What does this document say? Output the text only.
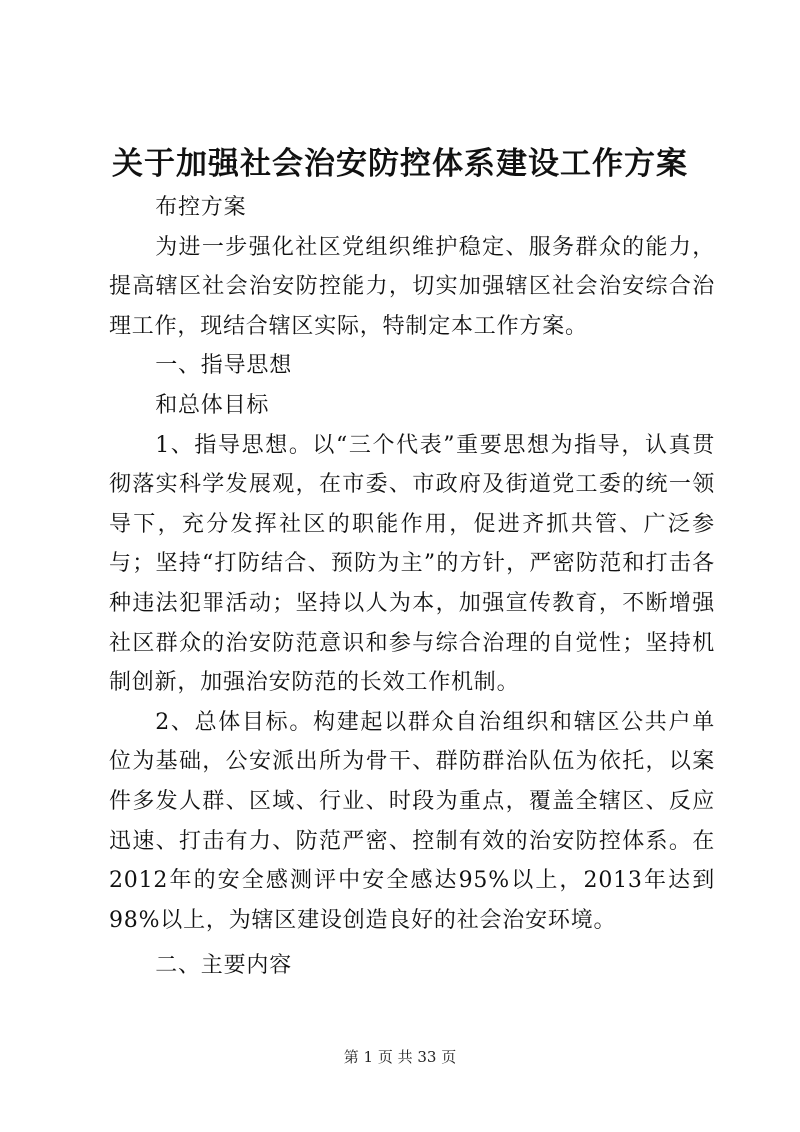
关于加强社会治安防控体系建设工作方案

布控方案

为进一步强化社区党组织维护稳定、服务群众的能力，提高辖区社会治安防控能力，切实加强辖区社会治安综合治理工作，现结合辖区实际，特制定本工作方案。

一、指导思想

和总体目标

1、指导思想。以“三个代表”重要思想为指导，认真贯彻落实科学发展观，在市委、市政府及街道党工委的统一领导下，充分发挥社区的职能作用，促进齐抓共管、广泛参与；坚持“打防结合、预防为主”的方针，严密防范和打击各种违法犯罪活动；坚持以人为本，加强宣传教育，不断增强社区群众的治安防范意识和参与综合治理的自觉性；坚持机制创新，加强治安防范的长效工作机制。

2、总体目标。构建起以群众自治组织和辖区公共户单位为基础，公安派出所为骨干、群防群治队伍为依托，以案件多发人群、区域、行业、时段为重点，覆盖全辖区、反应迅速、打击有力、防范严密、控制有效的治安防控体系。在2012年的安全感测评中安全感达95%以上，2013年达到98%以上，为辖区建设创造良好的社会治安环境。

二、主要内容

第 1 页 共 33 页
